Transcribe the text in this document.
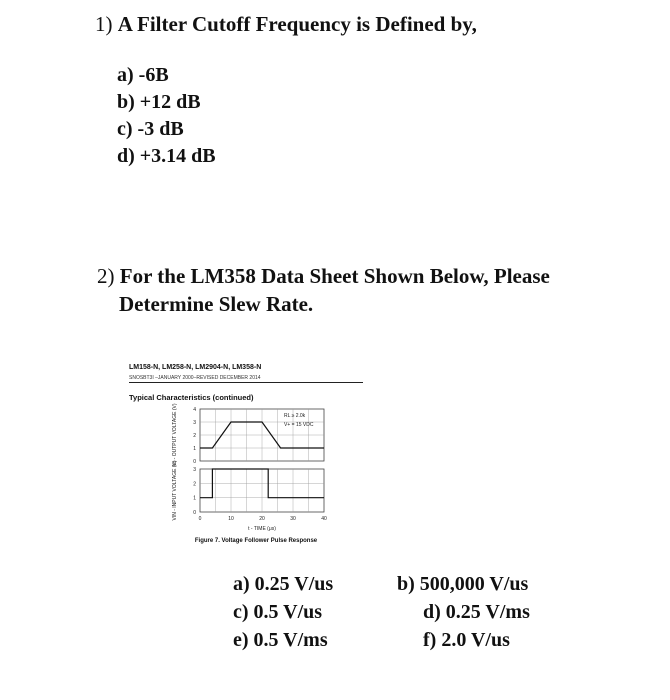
1) A Filter Cutoff Frequency is Defined by,
a) -6B
b) +12 dB
c) -3 dB
d) +3.14 dB
2) For the LM358 Data Sheet Shown Below, Please
Determine Slew Rate.
LM158-N, LM258-N, LM2904-N, LM358-N
SNOSBT3I –JANUARY 2000–REVISED DECEMBER 2014
Typical Characteristics (continued)
0
1
2
3
4
Vo - OUTPUT VOLTAGE (V)
0
1
2
3
VIN - INPUT VOLTAGE (V)	0	10	20	30	40
t - TIME (μs)
RL ≥ 2.0k
V+ = 15 VDC
Figure 7. Voltage Follower Pulse Response
a) 0.25 V/us
c) 0.5 V/us
e) 0.5 V/ms
b) 500,000 V/us
d) 0.25 V/ms
f) 2.0 V/us
